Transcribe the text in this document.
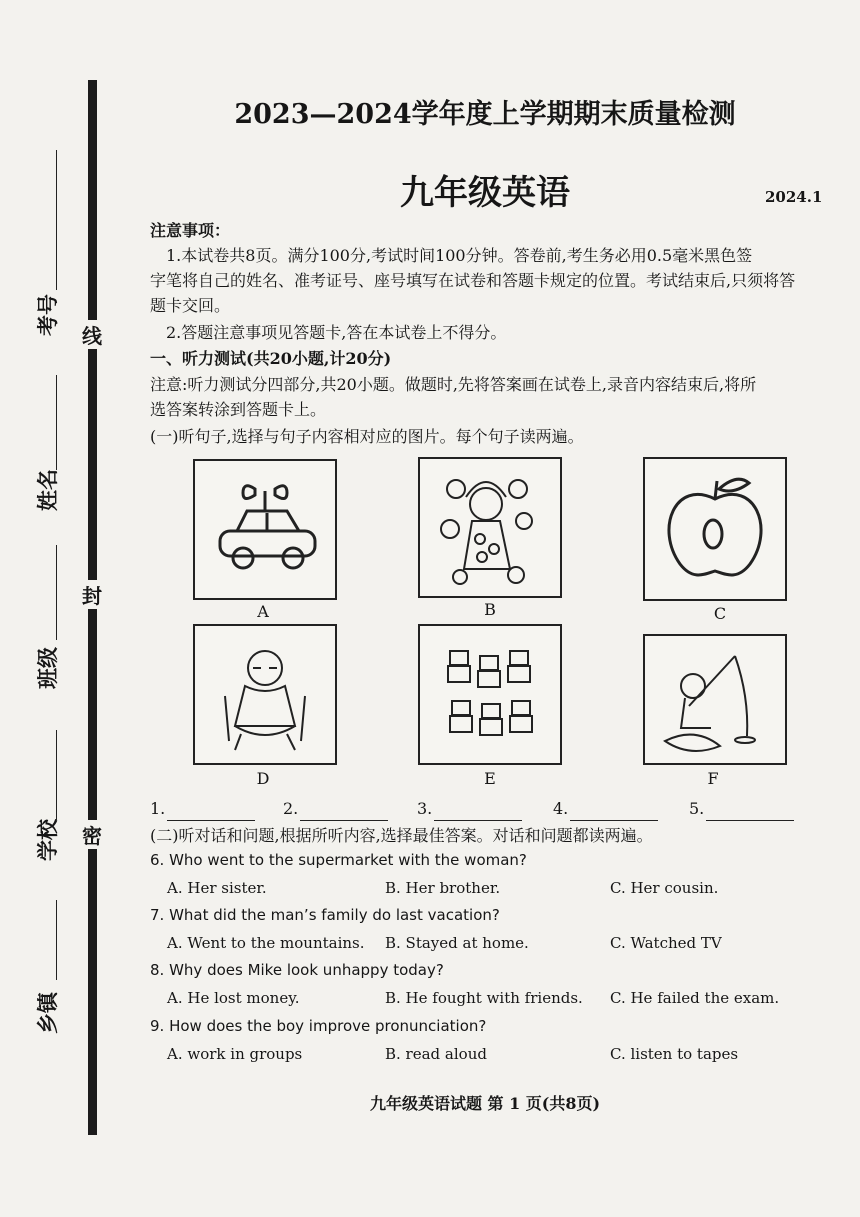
考号
姓名
班级
学校
乡镇
线
封
密
2023—2024学年度上学期期末质量检测
九年级英语	2024.1
注意事项：
1.本试卷共8页。满分100分,考试时间100分钟。答卷前,考生务必用0.5毫米黑色签
字笔将自己的姓名、准考证号、座号填写在试卷和答题卡规定的位置。考试结束后,只须将答
题卡交回。
2.答题注意事项见答题卡,答在本试卷上不得分。
一、听力测试(共20小题,计20分)
注意:听力测试分四部分,共20小题。做题时,先将答案画在试卷上,录音内容结束后,将所
选答案转涂到答题卡上。
(一)听句子,选择与句子内容相对应的图片。每个句子读两遍。
A	B	C
D	E	F
1.	2.	3.	4.	5.
(二)听对话和问题,根据所听内容,选择最佳答案。对话和问题都读两遍。
6. Who went to the supermarket with the woman?
A. Her sister.	B. Her brother.	C. Her cousin.
7. What did the man’s family do last vacation?
A. Went to the mountains. B. Stayed at home.	C. Watched TV
8. Why does Mike look unhappy today?
A. He lost money.	B. He fought with friends. C. He failed the exam.
9. How does the boy improve pronunciation?
A. work in groups	B. read aloud	C. listen to tapes
九年级英语试题 第 1 页(共8页)
